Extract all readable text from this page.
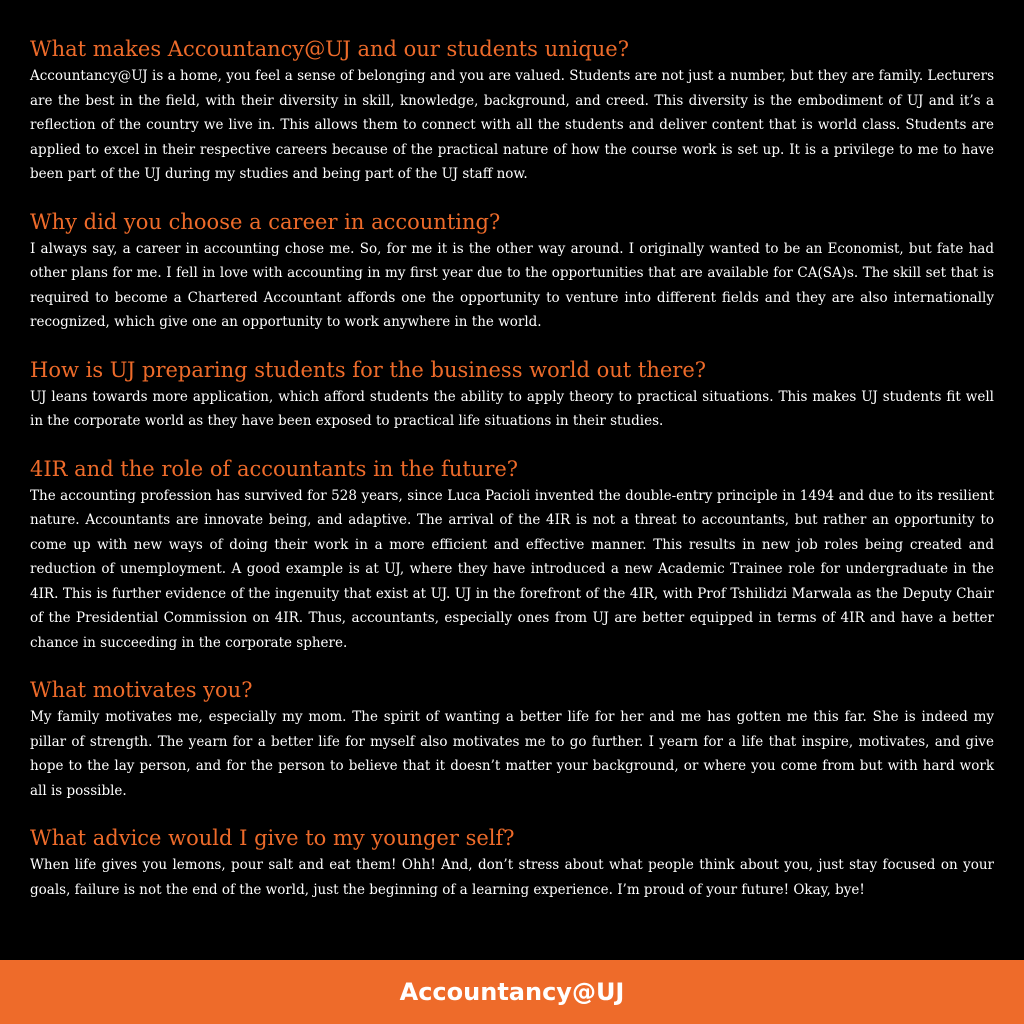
What makes Accountancy@UJ and our students unique?

Accountancy@UJ is a home, you feel a sense of belonging and you are valued. Students are not just a number, but they are family. Lecturers are the best in the field, with their diversity in skill, knowledge, background, and creed. This diversity is the embodiment of UJ and it’s a reflection of the country we live in. This allows them to connect with all the students and deliver content that is world class. Students are applied to excel in their respective careers because of the practical nature of how the course work is set up. It is a privilege to me to have been part of the UJ during my studies and being part of the UJ staff now.

Why did you choose a career in accounting?

I always say, a career in accounting chose me. So, for me it is the other way around. I originally wanted to be an Economist, but fate had other plans for me. I fell in love with accounting in my first year due to the opportunities that are available for CA(SA)s. The skill set that is required to become a Chartered Accountant affords one the opportunity to venture into different fields and they are also internationally recognized, which give one an opportunity to work anywhere in the world.

How is UJ preparing students for the business world out there?

UJ leans towards more application, which afford students the ability to apply theory to practical situations. This makes UJ students fit well in the corporate world as they have been exposed to practical life situations in their studies.

4IR and the role of accountants in the future?

The accounting profession has survived for 528 years, since Luca Pacioli invented the double-entry principle in 1494 and due to its resilient nature. Accountants are innovate being, and adaptive. The arrival of the 4IR is not a threat to accountants, but rather an opportunity to come up with new ways of doing their work in a more efficient and effective manner. This results in new job roles being created and reduction of unemployment. A good example is at UJ, where they have introduced a new Academic Trainee role for undergraduate in the 4IR. This is further evidence of the ingenuity that exist at UJ. UJ in the forefront of the 4IR, with Prof Tshilidzi Marwala as the Deputy Chair of the Presidential Commission on 4IR. Thus, accountants, especially ones from UJ are better equipped in terms of 4IR and have a better chance in succeeding in the corporate sphere.

What motivates you?

My family motivates me, especially my mom. The spirit of wanting a better life for her and me has gotten me this far. She is indeed my pillar of strength. The yearn for a better life for myself also motivates me to go further. I yearn for a life that inspire, motivates, and give hope to the lay person, and for the person to believe that it doesn’t matter your background, or where you come from but with hard work all is possible.

What advice would I give to my younger self?

When life gives you lemons, pour salt and eat them! Ohh! And, don’t stress about what people think about you, just stay focused on your goals, failure is not the end of the world, just the beginning of a learning experience. I’m proud of your future! Okay, bye!

Accountancy@UJ
